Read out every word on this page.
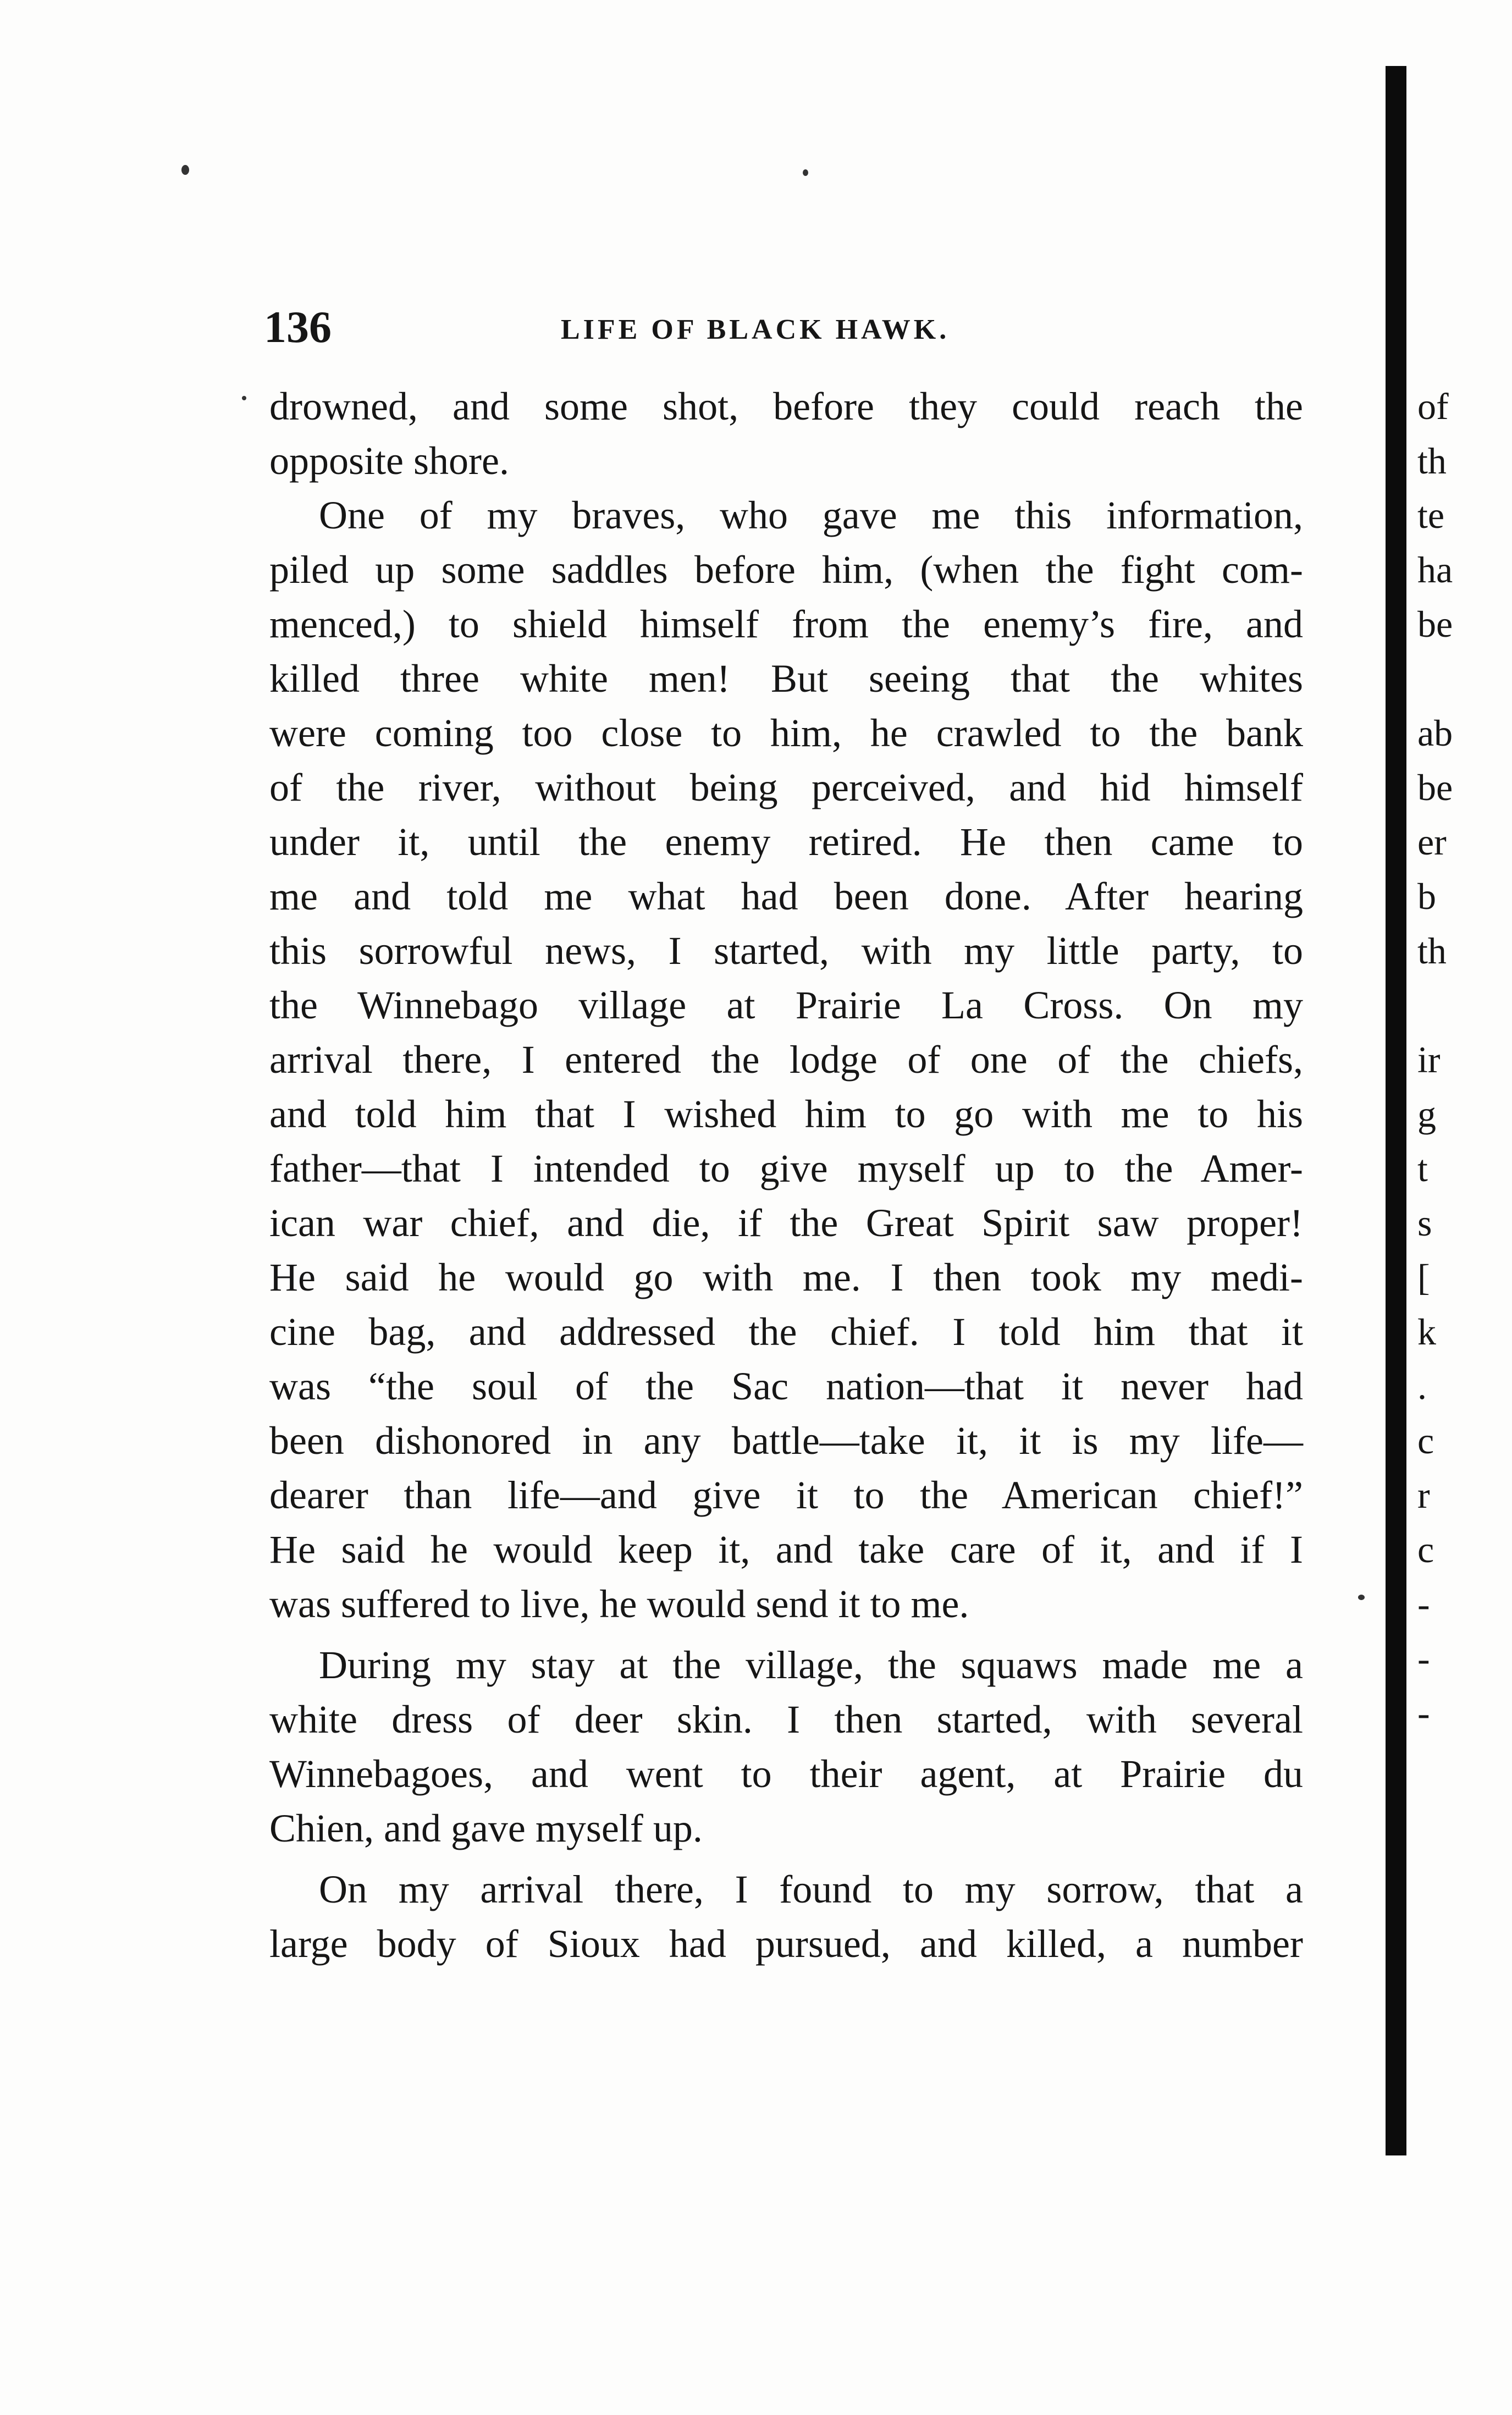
136	LIFE OF BLACK HAWK.
drowned, and some shot, before they could reach the
opposite shore.
One of my braves, who gave me this information,
piled up some saddles before him, (when the fight com-
menced,) to shield himself from the enemy’s fire, and
killed three white men! But seeing that the whites
were coming too close to him, he crawled to the bank
of the river, without being perceived, and hid himself
under it, until the enemy retired. He then came to
me and told me what had been done. After hearing
this sorrowful news, I started, with my little party, to
the Winnebago village at Prairie La Cross. On my
arrival there, I entered the lodge of one of the chiefs,
and told him that I wished him to go with me to his
father—that I intended to give myself up to the Amer-
ican war chief, and die, if the Great Spirit saw proper!
He said he would go with me. I then took my medi-
cine bag, and addressed the chief. I told him that it
was “the soul of the Sac nation—that it never had
been dishonored in any battle—take it, it is my life—
dearer than life—and give it to the American chief!”
He said he would keep it, and take care of it, and if I
was suffered to live, he would send it to me.
During my stay at the village, the squaws made me a
white dress of deer skin. I then started, with several
Winnebagoes, and went to their agent, at Prairie du
Chien, and gave myself up.
On my arrival there, I found to my sorrow, that a
large body of Sioux had pursued, and killed, a number
of
th
te
ha
be
ab
be
er
b
th
ir
g
t
s
[
k
.
c
r
c
-
-
-
